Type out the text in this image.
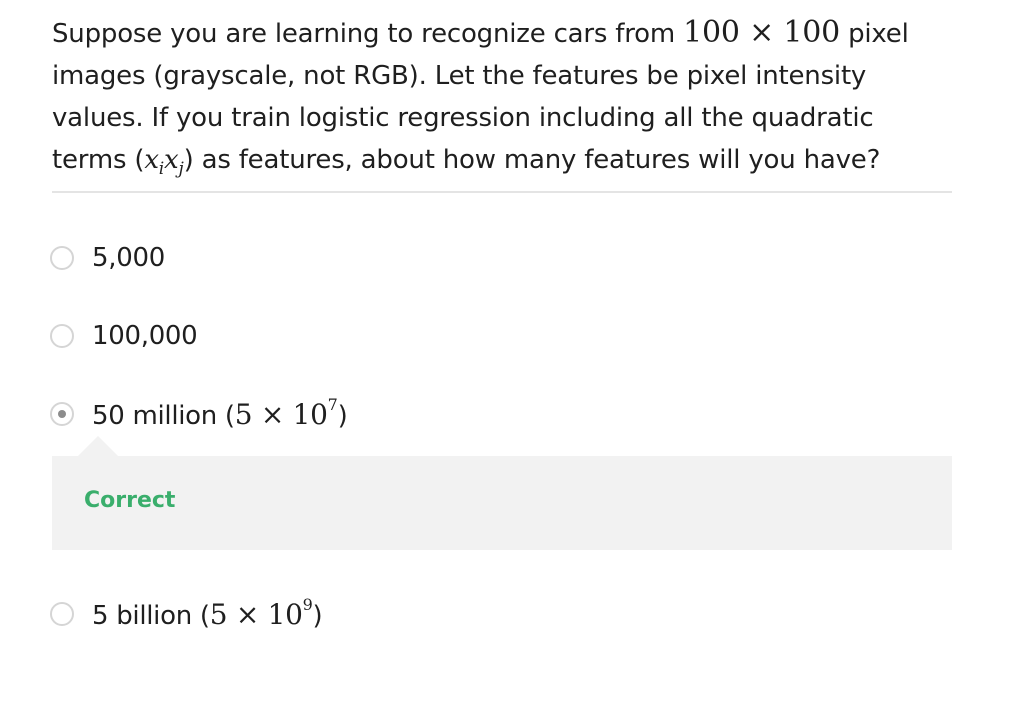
Suppose you are learning to recognize cars from 100 × 100 pixel images (grayscale, not RGB). Let the features be pixel intensity values. If you train logistic regression including all the quadratic terms $(x_ix_j)$ as features, about how many features will you have?
5,000
100,000
50 million $(5 \times 10^7)$
Correct
5 billion $(5 \times 10^9)$
